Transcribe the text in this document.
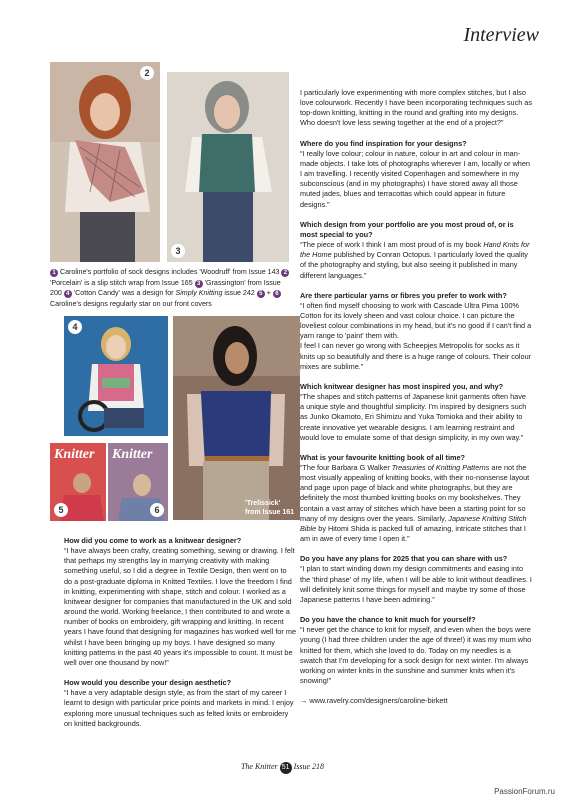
Interview
2
3
1 Caroline's portfolio of sock designs includes 'Woodruff' from Issue 143 2 'Porcelain' is a slip stitch wrap from Issue 165 3 'Grassington' from Issue 200 4 'Cotton Candy' was a design for Simply Knitting issue 242 5 + 6 Caroline's designs regularly star on our front covers
4
'Trelissick' from Issue 161
Knitter
5
Knitter
6
How did you come to work as a knitwear designer?

“I have always been crafty, creating something, sewing or drawing. I felt that perhaps my strengths lay in marrying creativity with making something useful, so I did a degree in Textile Design, then went on to do a post-graduate diploma in Knitted Textiles. I love the freedom I find in knitting, experimenting with shape, stitch and colour. I worked as a knitwear designer for companies that manufactured in the UK and sold around the world. Working freelance, I then contributed to and wrote a number of books on embroidery, gift wrapping and knitting. In recent years I have found that designing for magazines has worked well for me whilst I have been bringing up my boys. I have designed so many knitting patterns in the past 40 years it's impossible to count. It must be well over one thousand by now!”

How would you describe your design aesthetic?

“I have a very adaptable design style, as from the start of my career I learnt to design with particular price points and markets in mind. I enjoy exploring more unusual techniques such as felted knits or embroidery on knitted backgrounds.

I particularly love experimenting with more complex stitches, but I also love colourwork. Recently I have been incorporating techniques such as top-down knitting, knitting in the round and grafting into my designs. Who doesn't love less sewing together at the end of a project?”

Where do you find inspiration for your designs?

“I really love colour; colour in nature, colour in art and colour in man-made objects. I take lots of photographs wherever I am, locally or when I am travelling. I recently visited Copenhagen and somewhere in my subconscious (and in my photographs) I have stored away all those muted jades, blues and terracottas which could appear in future designs.”

Which design from your portfolio are you most proud of, or is most special to you?

“The piece of work I think I am most proud of is my book Hand Knits for the Home published by Conran Octopus. I particularly loved the quality of the photography and styling, but also seeing it published in many different languages.”

Are there particular yarns or fibres you prefer to work with?

“I often find myself choosing to work with Cascade Ultra Pima 100% Cotton for its lovely sheen and vast colour choice. I can picture the loveliest colour combinations in my head, but it's no good if I can't find a yarn range to 'paint' them with.

I feel I can never go wrong with Scheepjes Metropolis for socks as it knits up so beautifully and there is a huge range of colours. Their colour mixes are sublime.”

Which knitwear designer has most inspired you, and why?

“The shapes and stitch patterns of Japanese knit garments often have a unique style and thoughtful simplicity. I'm inspired by designers such as Junko Okamoto, Eri Shimizu and Yuka Tomioka and their ability to create innovative yet wearable designs. I am learning restraint and would love to emulate some of that design simplicity, in my own way.”

What is your favourite knitting book of all time?

“The four Barbara G Walker Treasuries of Knitting Patterns are not the most visually appealing of knitting books, with their no-nonsense layout and page upon page of black and white photographs, but they are definitely the most thumbed knitting books on my bookshelves. They contain a vast array of stitches which have been a starting point for so many of my designs over the years. Similarly, Japanese Knitting Stitch Bible by Hitomi Shida is packed full of amazing, intricate stitches that I am in awe of every time I open it.”

Do you have any plans for 2025 that you can share with us?

“I plan to start winding down my design commitments and easing into the 'third phase' of my life, when I will be able to knit without deadlines. I will definitely knit some things for myself and maybe try some of those Japanese patterns I have been admiring.”

Do you have the chance to knit much for yourself?

“I never get the chance to knit for myself, and even when the boys were young (I had three children under the age of three!) it was my mum who knitted for them, which she loved to do. Today on my needles is a swatch that I'm developing for a sock design for next winter. I'm always working on winter knits in the sunshine and summer knits when it's snowing!”

→ www.ravelry.com/designers/caroline-birkett

The Knitter 51 Issue 218
PassionForum.ru
